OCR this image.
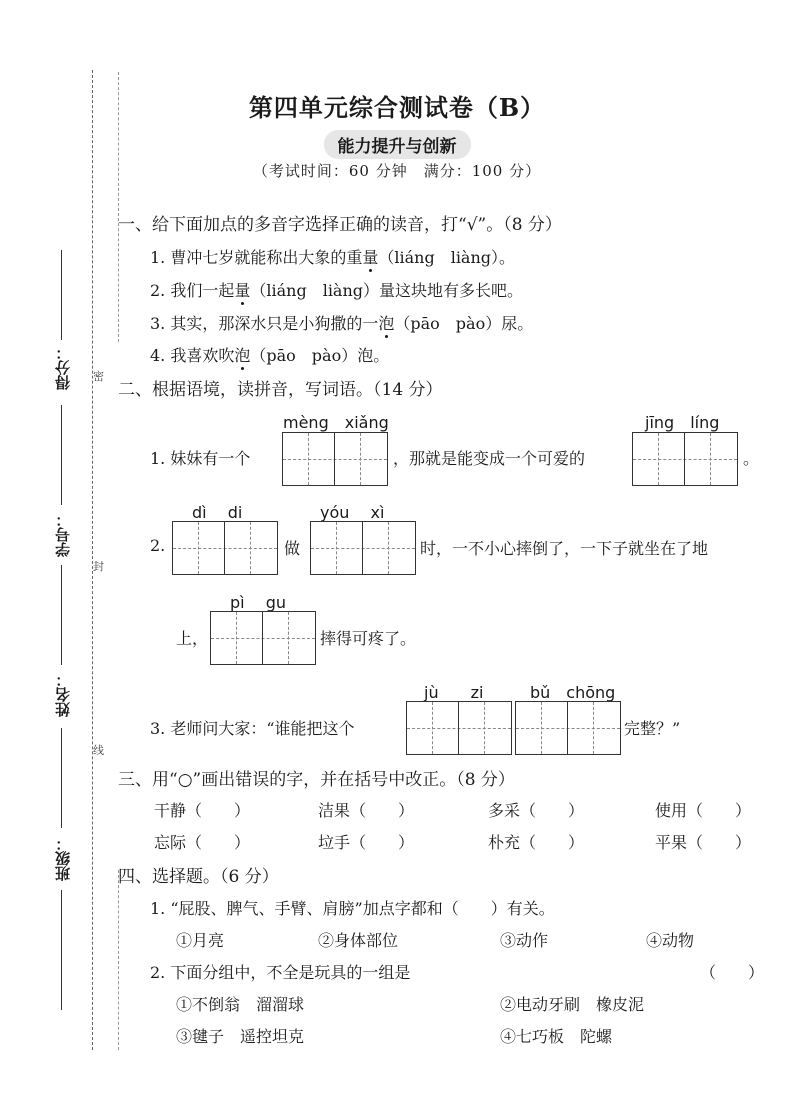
得分：
学号：
姓名：
班级：
密
封
线
第四单元综合测试卷（B）
能力提升与创新
（考试时间：60 分钟　满分：100 分）
一、给下面加点的多音字选择正确的读音，打“√”。（8 分）
1. 曹冲七岁就能称出大象的重量（liáng　liàng）。
2. 我们一起量（liáng　liàng）量这块地有多长吧。
3. 其实，那深水只是小狗撒的一泡（pāo　pào）尿。
4. 我喜欢吹泡（pāo　pào）泡。
二、根据语境，读拼音，写词语。（14 分）
mèng　xiǎng
1. 妹妹有一个	，那就是能变成一个可爱的
jīng　líng
。
dì　 di
2.	做
yóu　 xì
时，一不小心摔倒了，一下子就坐在了地
pì　 gu
上，	摔得可疼了。
jù　　zi	bǔ　chōng
3. 老师问大家：“谁能把这个	完整？”
三、用“○”画出错误的字，并在括号中改正。（8 分）
干静（　　）	洁果（　　）	多采（　　）	使用（　　）
忘际（　　）	垃手（　　）	朴充（　　）	平果（　　）
四、选择题。（6 分）
1. “屁股、脾气、手臂、肩膀”加点字都和（　　）有关。
①月亮	②身体部位	③动作	④动物
2. 下面分组中，不全是玩具的一组是	（　　）
①不倒翁　溜溜球	②电动牙刷　橡皮泥
③毽子　遥控坦克	④七巧板　陀螺
